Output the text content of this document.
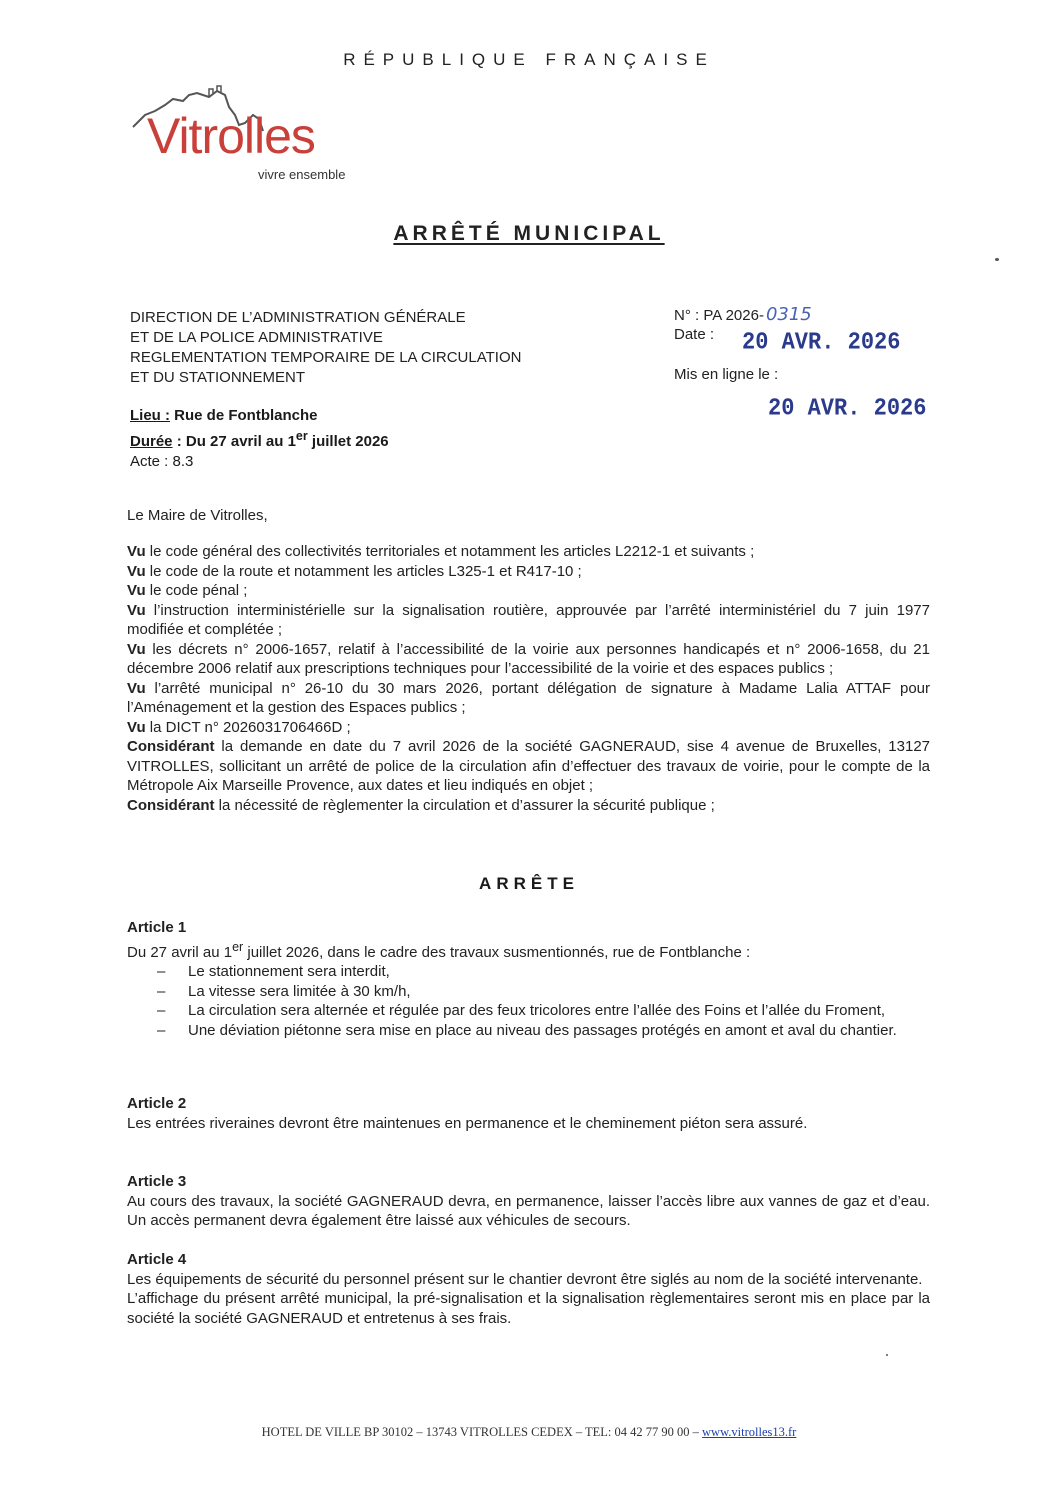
RÉPUBLIQUE FRANÇAISE
Vitrolles
vivre ensemble
ARRÊTÉ MUNICIPAL
DIRECTION DE L’ADMINISTRATION GÉNÉRALE
ET DE LA POLICE ADMINISTRATIVE
REGLEMENTATION TEMPORAIRE DE LA CIRCULATION
ET DU STATIONNEMENT
N° : PA 2026- 0315
Date : 20 AVR. 2026
Mis en ligne le :
20 AVR. 2026
Lieu : Rue de Fontblanche
Durée : Du 27 avril au 1er juillet 2026
Acte : 8.3
Le Maire de Vitrolles,
Vu le code général des collectivités territoriales et notamment les articles L2212-1 et suivants ;
Vu le code de la route et notamment les articles L325-1 et R417-10 ;
Vu le code pénal ;
Vu l’instruction interministérielle sur la signalisation routière, approuvée par l’arrêté interministériel du 7 juin 1977 modifiée et complétée ;
Vu les décrets n° 2006-1657, relatif à l’accessibilité de la voirie aux personnes handicapés et n° 2006-1658, du 21 décembre 2006 relatif aux prescriptions techniques pour l’accessibilité de la voirie et des espaces publics ;
Vu l’arrêté municipal n° 26-10 du 30 mars 2026, portant délégation de signature à Madame Lalia ATTAF pour l’Aménagement et la gestion des Espaces publics ;
Vu la DICT n° 2026031706466D ;
Considérant la demande en date du 7 avril 2026 de la société GAGNERAUD, sise 4 avenue de Bruxelles, 13127 VITROLLES, sollicitant un arrêté de police de la circulation afin d’effectuer des travaux de voirie, pour le compte de la Métropole Aix Marseille Provence, aux dates et lieu indiqués en objet ;
Considérant la nécessité de règlementer la circulation et d’assurer la sécurité publique ;
ARRÊTE
Article 1
Du 27 avril au 1er juillet 2026, dans le cadre des travaux susmentionnés, rue de Fontblanche :
– Le stationnement sera interdit,
– La vitesse sera limitée à 30 km/h,
– La circulation sera alternée et régulée par des feux tricolores entre l’allée des Foins et l’allée du Froment,
– Une déviation piétonne sera mise en place au niveau des passages protégés en amont et aval du chantier.
Article 2
Les entrées riveraines devront être maintenues en permanence et le cheminement piéton sera assuré.
Article 3
Au cours des travaux, la société GAGNERAUD devra, en permanence, laisser l’accès libre aux vannes de gaz et d’eau. Un accès permanent devra également être laissé aux véhicules de secours.
Article 4
Les équipements de sécurité du personnel présent sur le chantier devront être siglés au nom de la société intervenante.
L’affichage du présent arrêté municipal, la pré-signalisation et la signalisation règlementaires seront mis en place par la société la société GAGNERAUD et entretenus à ses frais.
HOTEL DE VILLE BP 30102 – 13743 VITROLLES CEDEX – TEL: 04 42 77 90 00 – www.vitrolles13.fr
